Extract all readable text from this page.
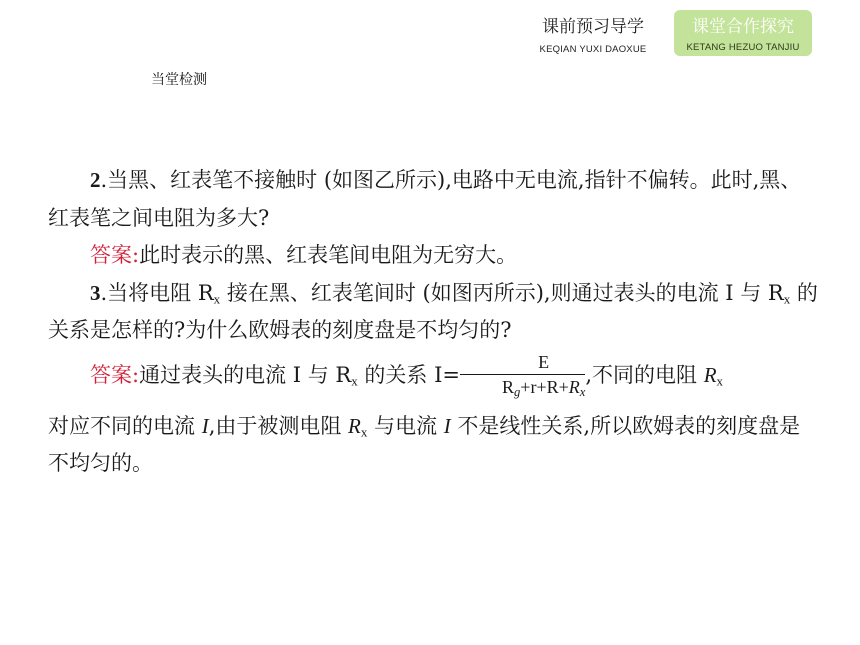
课前预习导学
KEQIAN YUXI DAOXUE
课堂合作探究
KETANG HEZUO TANJIU
当堂检测

2.当黑、红表笔不接触时 (如图乙所示),电路中无电流,指针不偏转。此时,黑、红表笔之间电阻为多大?

答案:此时表示的黑、红表笔间电阻为无穷大。

3.当将电阻 $R_x$ 接在黑、红表笔间时 (如图丙所示),则通过表头的电流 I 与 $R_x$ 的关系是怎样的?为什么欧姆表的刻度盘是不均匀的?

答案:通过表头的电流 I 与 $R_x$ 的关系 $I= \frac{E}{R_g+r+R+R_x}$ ,不同的电阻 $R_x$

对应不同的电流 I,由于被测电阻 $R_x$ 与电流 I 不是线性关系,所以欧姆表的刻度盘是不均匀的。
